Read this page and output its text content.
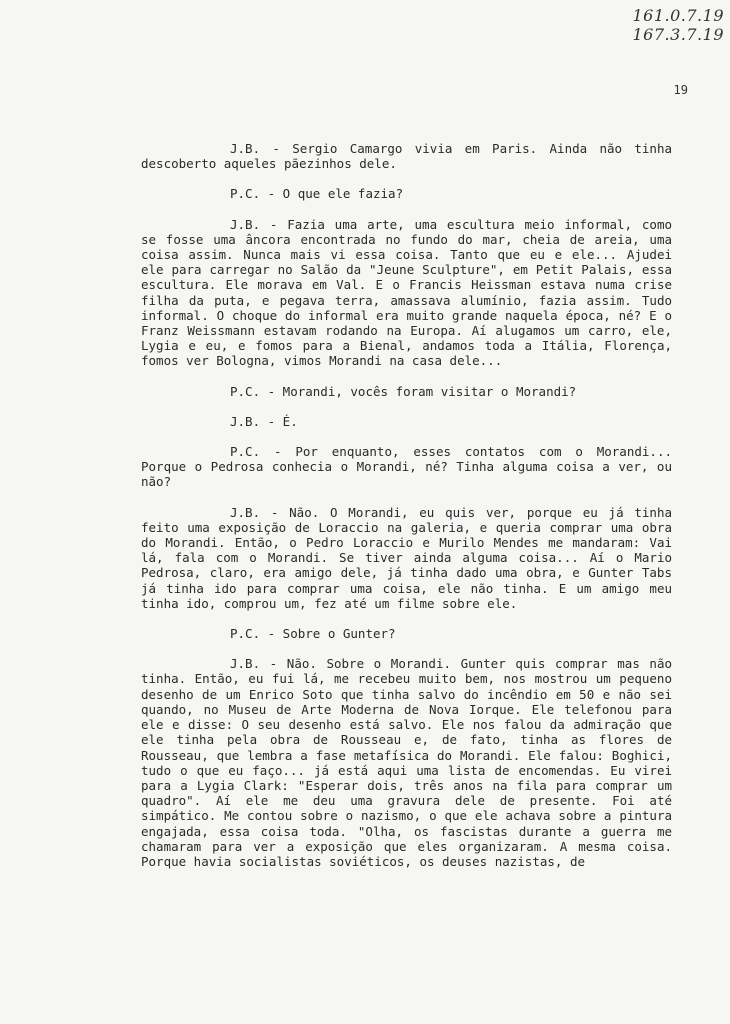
161.0.7.19
167.3.7.19
19

J.B. - Sergio Camargo vivia em Paris. Ainda não tinha descoberto aqueles pãezinhos dele.

P.C. - O que ele fazia?

J.B. - Fazia uma arte, uma escultura meio informal, como se fosse uma âncora encontrada no fundo do mar, cheia de areia, uma coisa assim. Nunca mais vi essa coisa. Tanto que eu e ele... Ajudei ele para carregar no Salão da "Jeune Sculpture", em Petit Palais, essa escultura. Ele morava em Val. E o Francis Heissman estava numa crise filha da puta, e pegava terra, amassava alumínio, fazia assim. Tudo informal. O choque do informal era muito grande naquela época, né? E o Franz Weissmann estavam rodando na Europa. Aí alugamos um carro, ele, Lygia e eu, e fomos para a Bienal, andamos toda a Itália, Florença, fomos ver Bologna, vimos Morandi na casa dele...

P.C. - Morandi, vocês foram visitar o Morandi?

J.B. - É.

P.C. - Por enquanto, esses contatos com o Morandi... Porque o Pedrosa conhecia o Morandi, né? Tinha alguma coisa a ver, ou não?

J.B. - Não. O Morandi, eu quis ver, porque eu já tinha feito uma exposição de Loraccio na galeria, e queria comprar uma obra do Morandi. Então, o Pedro Loraccio e Murilo Mendes me mandaram: Vai lá, fala com o Morandi. Se tiver ainda alguma coisa... Aí o Mario Pedrosa, claro, era amigo dele, já tinha dado uma obra, e Gunter Tabs já tinha ido para comprar uma coisa, ele não tinha. E um amigo meu tinha ido, comprou um, fez até um filme sobre ele.

P.C. - Sobre o Gunter?

J.B. - Não. Sobre o Morandi. Gunter quis comprar mas não tinha. Então, eu fui lá, me recebeu muito bem, nos mostrou um pequeno desenho de um Enrico Soto que tinha salvo do incêndio em 50 e não sei quando, no Museu de Arte Moderna de Nova Iorque. Ele telefonou para ele e disse: O seu desenho está salvo. Ele nos falou da admiração que ele tinha pela obra de Rousseau e, de fato, tinha as flores de Rousseau, que lembra a fase metafísica do Morandi. Ele falou: Boghici, tudo o que eu faço... já está aqui uma lista de encomendas. Eu virei para a Lygia Clark: "Esperar dois, três anos na fila para comprar um quadro". Aí ele me deu uma gravura dele de presente. Foi até simpático. Me contou sobre o nazismo, o que ele achava sobre a pintura engajada, essa coisa toda. "Olha, os fascistas durante a guerra me chamaram para ver a exposição que eles organizaram. A mesma coisa. Porque havia socialistas soviéticos, os deuses nazistas, de
